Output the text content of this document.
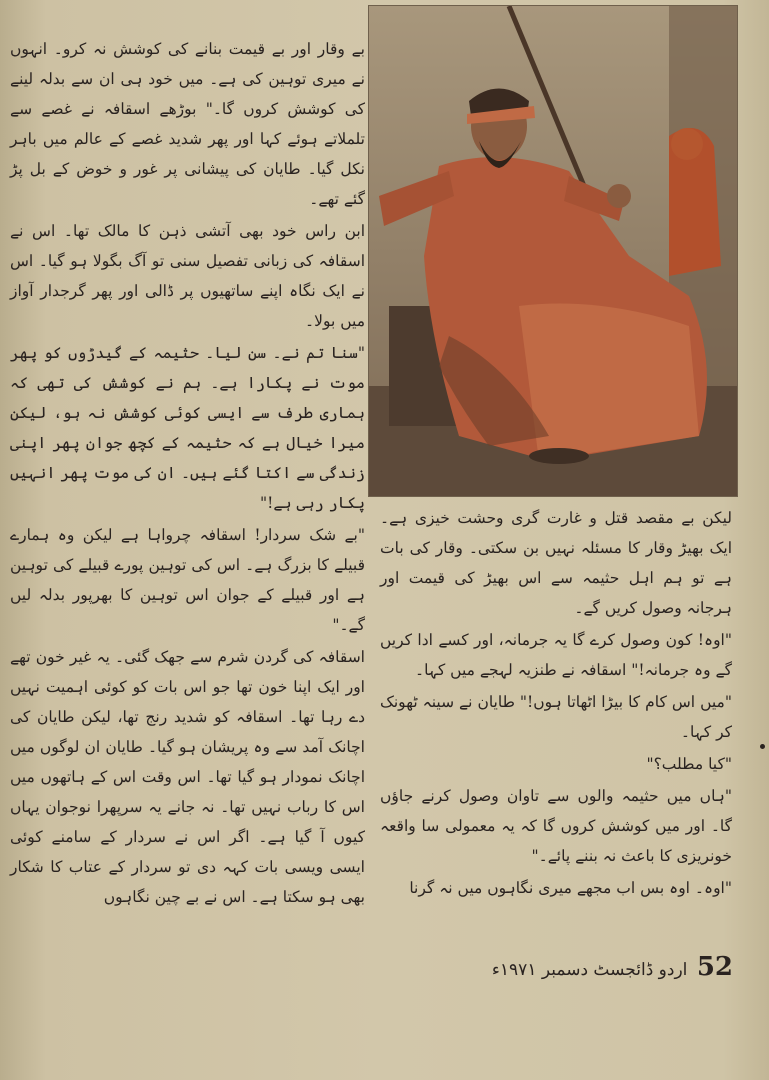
بے وقار اور بے قیمت بنانے کی کوشش نہ کرو۔ انہوں نے میری توہین کی ہے۔ میں خود ہی ان سے بدلہ لینے کی کوشش کروں گا۔" بوڑھے اسقافہ نے غصے سے تلملاتے ہوئے کہا اور پھر شدید غصے کے عالم میں باہر نکل گیا۔ طایان کی پیشانی پر غور و خوض کے بل پڑ گئے تھے۔

ابن راس خود بھی آتشی ذہن کا مالک تھا۔ اس نے اسقافہ کی زبانی تفصیل سنی تو آگ بگولا ہو گیا۔ اس نے ایک نگاہ اپنے ساتھیوں پر ڈالی اور پھر گرجدار آواز میں بولا۔

"سنا تم نے۔ سن لیا۔ حثیمہ کے گیدڑوں کو پھر موت نے پکارا ہے۔ ہم نے کوشش کی تھی کہ ہماری طرف سے ایسی کوئی کوشش نہ ہو، لیکن میرا خیال ہے کہ حثیمہ کے کچھ جوان پھر اپنی زندگی سے اکتا گئے ہیں۔ ان کی موت پھر انہیں پکار رہی ہے!"

"بے شک سردار! اسقافہ چرواہا ہے لیکن وہ ہمارے قبیلے کا بزرگ ہے۔ اس کی توہین پورے قبیلے کی توہین ہے اور قبیلے کے جوان اس توہین کا بھرپور بدلہ لیں گے۔"

اسقافہ کی گردن شرم سے جھک گئی۔ یہ غیر خون تھے اور ایک اپنا خون تھا جو اس بات کو کوئی اہمیت نہیں دے رہا تھا۔ اسقافہ کو شدید رنج تھا، لیکن طایان کی اچانک آمد سے وہ پریشان ہو گیا۔ طایان ان لوگوں میں اچانک نمودار ہو گیا تھا۔ اس وقت اس کے ہاتھوں میں اس کا رباب نہیں تھا۔ نہ جانے یہ سرپھرا نوجوان یہاں کیوں آ گیا ہے۔ اگر اس نے سردار کے سامنے کوئی ایسی ویسی بات کہہ دی تو سردار کے عتاب کا شکار بھی ہو سکتا ہے۔ اس نے بے چین نگاہوں

لیکن بے مقصد قتل و غارت گری وحشت خیزی ہے۔ ایک بھیڑ وقار کا مسئلہ نہیں بن سکتی۔ وقار کی بات ہے تو ہم اہل حثیمہ سے اس بھیڑ کی قیمت اور ہرجانہ وصول کریں گے۔

"اوہ! کون وصول کرے گا یہ جرمانہ، اور کسے ادا کریں گے وہ جرمانہ!" اسقافہ نے طنزیہ لہجے میں کہا۔

"میں اس کام کا بیڑا اٹھاتا ہوں!" طایان نے سینہ ٹھونک کر کہا۔

"کیا مطلب؟"

"ہاں میں حثیمہ والوں سے تاوان وصول کرنے جاؤں گا۔ اور میں کوشش کروں گا کہ یہ معمولی سا واقعہ خونریزی کا باعث نہ بننے پائے۔"

"اوہ۔ اوہ بس اب مجھے میری نگاہوں میں نہ گرنا

52 اردو ڈائجسٹ دسمبر ۱۹۷۱ء
